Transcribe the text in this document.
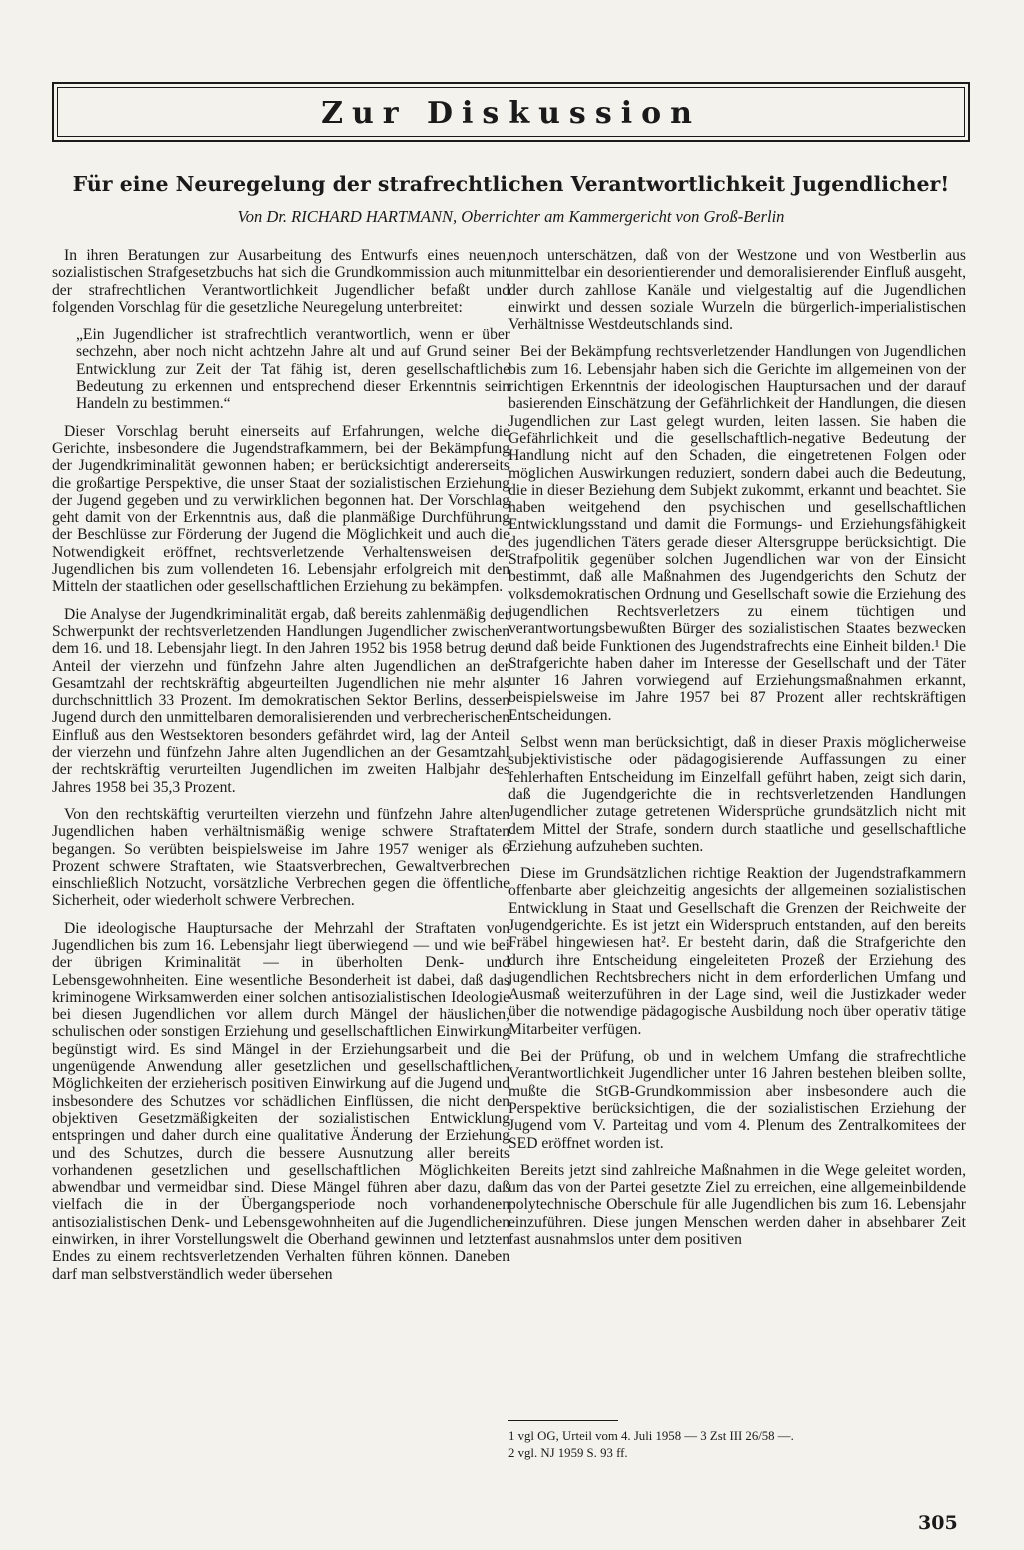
Zur Diskussion
Für eine Neuregelung der strafrechtlichen Verantwortlichkeit Jugendlicher!
Von Dr. RICHARD HARTMANN, Oberrichter am Kammergericht von Groß-Berlin

In ihren Beratungen zur Ausarbeitung des Entwurfs eines neuen, sozialistischen Strafgesetzbuchs hat sich die Grundkommission auch mit der strafrechtlichen Verantwortlichkeit Jugendlicher befaßt und folgenden Vorschlag für die gesetzliche Neuregelung unterbreitet:

„Ein Jugendlicher ist strafrechtlich verantwortlich, wenn er über sechzehn, aber noch nicht achtzehn Jahre alt und auf Grund seiner Entwicklung zur Zeit der Tat fähig ist, deren gesellschaftliche Bedeutung zu erkennen und entsprechend dieser Erkenntnis sein Handeln zu bestimmen.“

Dieser Vorschlag beruht einerseits auf Erfahrungen, welche die Gerichte, insbesondere die Jugendstrafkammern, bei der Bekämpfung der Jugendkriminalität gewonnen haben; er berücksichtigt andererseits die großartige Perspektive, die unser Staat der sozialistischen Erziehung der Jugend gegeben und zu verwirklichen begonnen hat. Der Vorschlag geht damit von der Erkenntnis aus, daß die planmäßige Durchführung der Beschlüsse zur Förderung der Jugend die Möglichkeit und auch die Notwendigkeit eröffnet, rechtsverletzende Verhaltensweisen der Jugendlichen bis zum vollendeten 16. Lebensjahr erfolgreich mit den Mitteln der staatlichen oder gesellschaftlichen Erziehung zu bekämpfen.

Die Analyse der Jugendkriminalität ergab, daß bereits zahlenmäßig der Schwerpunkt der rechtsverletzenden Handlungen Jugendlicher zwischen dem 16. und 18. Lebensjahr liegt. In den Jahren 1952 bis 1958 betrug der Anteil der vierzehn und fünfzehn Jahre alten Jugendlichen an der Gesamtzahl der rechtskräftig abgeurteilten Jugendlichen nie mehr als durchschnittlich 33 Prozent. Im demokratischen Sektor Berlins, dessen Jugend durch den unmittelbaren demoralisierenden und verbrecherischen Einfluß aus den Westsektoren besonders gefährdet wird, lag der Anteil der vierzehn und fünfzehn Jahre alten Jugendlichen an der Gesamtzahl der rechtskräftig verurteilten Jugendlichen im zweiten Halbjahr des Jahres 1958 bei 35,3 Prozent.

Von den rechtskäftig verurteilten vierzehn und fünfzehn Jahre alten Jugendlichen haben verhältnismäßig wenige schwere Straftaten begangen. So verübten beispielsweise im Jahre 1957 weniger als 6 Prozent schwere Straftaten, wie Staatsverbrechen, Gewaltverbrechen einschließlich Notzucht, vorsätzliche Verbrechen gegen die öffentliche Sicherheit, oder wiederholt schwere Verbrechen.

Die ideologische Hauptursache der Mehrzahl der Straftaten von Jugendlichen bis zum 16. Lebensjahr liegt überwiegend — und wie bei der übrigen Kriminalität — in überholten Denk- und Lebensgewohnheiten. Eine wesentliche Besonderheit ist dabei, daß das kriminogene Wirksamwerden einer solchen antisozialistischen Ideologie bei diesen Jugendlichen vor allem durch Mängel der häuslichen, schulischen oder sonstigen Erziehung und gesellschaftlichen Einwirkung begünstigt wird. Es sind Mängel in der Erziehungsarbeit und die ungenügende Anwendung aller gesetzlichen und gesellschaftlichen Möglichkeiten der erzieherisch positiven Einwirkung auf die Jugend und insbesondere des Schutzes vor schädlichen Einflüssen, die nicht den objektiven Gesetzmäßigkeiten der sozialistischen Entwicklung entspringen und daher durch eine qualitative Änderung der Erziehung und des Schutzes, durch die bessere Ausnutzung aller bereits vorhandenen gesetzlichen und gesellschaftlichen Möglichkeiten abwendbar und vermeidbar sind. Diese Mängel führen aber dazu, daß vielfach die in der Übergangsperiode noch vorhandenen antisozialistischen Denk- und Lebensgewohnheiten auf die Jugendlichen einwirken, in ihrer Vorstellungswelt die Oberhand gewinnen und letzten Endes zu einem rechtsverletzenden Verhalten führen können. Daneben darf man selbstverständlich weder übersehen

noch unterschätzen, daß von der Westzone und von Westberlin aus unmittelbar ein desorientierender und demoralisierender Einfluß ausgeht, der durch zahllose Kanäle und vielgestaltig auf die Jugendlichen einwirkt und dessen soziale Wurzeln die bürgerlich-imperialistischen Verhältnisse Westdeutschlands sind.

Bei der Bekämpfung rechtsverletzender Handlungen von Jugendlichen bis zum 16. Lebensjahr haben sich die Gerichte im allgemeinen von der richtigen Erkenntnis der ideologischen Hauptursachen und der darauf basierenden Einschätzung der Gefährlichkeit der Handlungen, die diesen Jugendlichen zur Last gelegt wurden, leiten lassen. Sie haben die Gefährlichkeit und die gesellschaftlich-negative Bedeutung der Handlung nicht auf den Schaden, die eingetretenen Folgen oder möglichen Auswirkungen reduziert, sondern dabei auch die Bedeutung, die in dieser Beziehung dem Subjekt zukommt, erkannt und beachtet. Sie haben weitgehend den psychischen und gesellschaftlichen Entwicklungsstand und damit die Formungs- und Erziehungsfähigkeit des jugendlichen Täters gerade dieser Altersgruppe berücksichtigt. Die Strafpolitik gegenüber solchen Jugendlichen war von der Einsicht bestimmt, daß alle Maßnahmen des Jugendgerichts den Schutz der volksdemokratischen Ordnung und Gesellschaft sowie die Erziehung des jugendlichen Rechtsverletzers zu einem tüchtigen und verantwortungsbewußten Bürger des sozialistischen Staates bezwecken und daß beide Funktionen des Jugendstrafrechts eine Einheit bilden.¹ Die Strafgerichte haben daher im Interesse der Gesellschaft und der Täter unter 16 Jahren vorwiegend auf Erziehungsmaßnahmen erkannt, beispielsweise im Jahre 1957 bei 87 Prozent aller rechtskräftigen Entscheidungen.

Selbst wenn man berücksichtigt, daß in dieser Praxis möglicherweise subjektivistische oder pädagogisierende Auffassungen zu einer fehlerhaften Entscheidung im Einzelfall geführt haben, zeigt sich darin, daß die Jugendgerichte die in rechtsverletzenden Handlungen Jugendlicher zutage getretenen Widersprüche grundsätzlich nicht mit dem Mittel der Strafe, sondern durch staatliche und gesellschaftliche Erziehung aufzuheben suchten.

Diese im Grundsätzlichen richtige Reaktion der Jugendstrafkammern offenbarte aber gleichzeitig angesichts der allgemeinen sozialistischen Entwicklung in Staat und Gesellschaft die Grenzen der Reichweite der Jugendgerichte. Es ist jetzt ein Widerspruch entstanden, auf den bereits Fräbel hingewiesen hat². Er besteht darin, daß die Strafgerichte den durch ihre Entscheidung eingeleiteten Prozeß der Erziehung des jugendlichen Rechtsbrechers nicht in dem erforderlichen Umfang und Ausmaß weiterzuführen in der Lage sind, weil die Justizkader weder über die notwendige pädagogische Ausbildung noch über operativ tätige Mitarbeiter verfügen.

Bei der Prüfung, ob und in welchem Umfang die strafrechtliche Verantwortlichkeit Jugendlicher unter 16 Jahren bestehen bleiben sollte, mußte die StGB-Grundkommission aber insbesondere auch die Perspektive berücksichtigen, die der sozialistischen Erziehung der Jugend vom V. Parteitag und vom 4. Plenum des Zentralkomitees der SED eröffnet worden ist.

Bereits jetzt sind zahlreiche Maßnahmen in die Wege geleitet worden, um das von der Partei gesetzte Ziel zu erreichen, eine allgemeinbildende polytechnische Oberschule für alle Jugendlichen bis zum 16. Lebensjahr einzuführen. Diese jungen Menschen werden daher in absehbarer Zeit fast ausnahmslos unter dem positiven

1 vgl OG, Urteil vom 4. Juli 1958 — 3 Zst III 26/58 —.
2 vgl. NJ 1959 S. 93 ff.
305
